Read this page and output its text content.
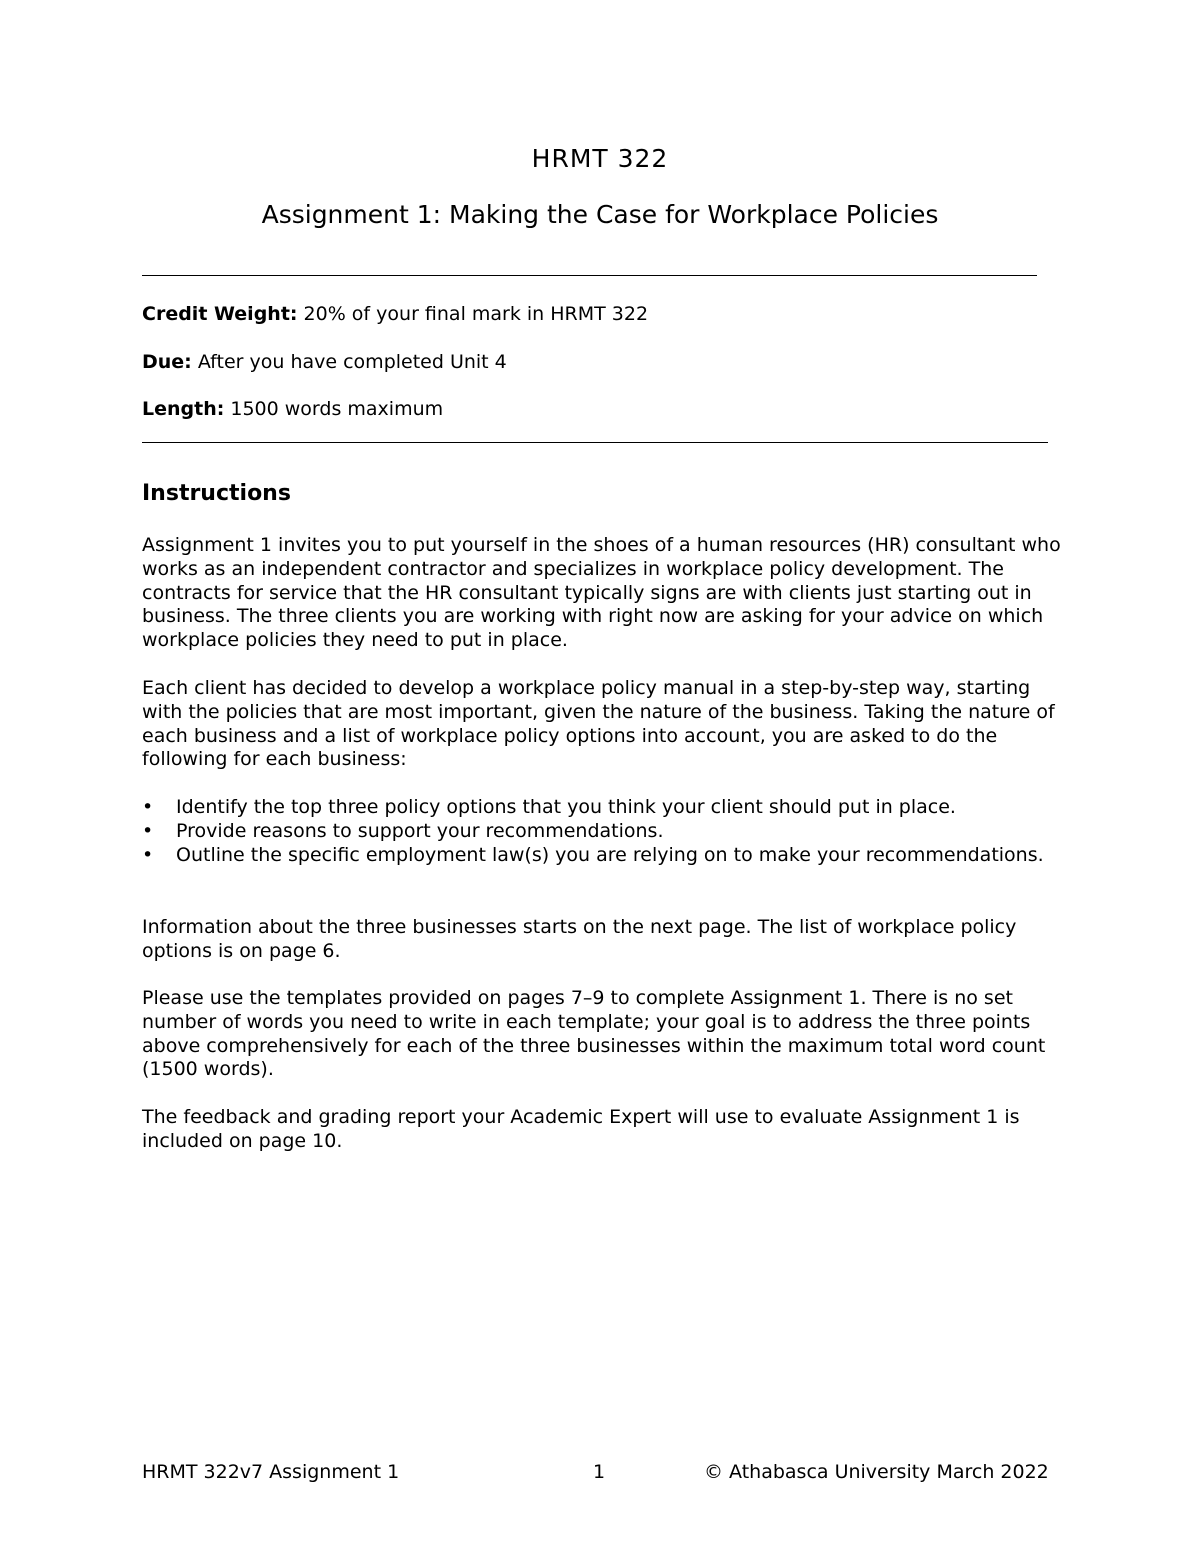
HRMT 322
Assignment 1: Making the Case for Workplace Policies
Credit Weight: 20% of your final mark in HRMT 322
Due: After you have completed Unit 4
Length: 1500 words maximum
Instructions
Assignment 1 invites you to put yourself in the shoes of a human resources (HR) consultant who works as an independent contractor and specializes in workplace policy development. The contracts for service that the HR consultant typically signs are with clients just starting out in business. The three clients you are working with right now are asking for your advice on which workplace policies they need to put in place.
Each client has decided to develop a workplace policy manual in a step-by-step way, starting with the policies that are most important, given the nature of the business. Taking the nature of each business and a list of workplace policy options into account, you are asked to do the following for each business:
• Identify the top three policy options that you think your client should put in place.
• Provide reasons to support your recommendations.
• Outline the specific employment law(s) you are relying on to make your recommendations.
Information about the three businesses starts on the next page. The list of workplace policy options is on page 6.
Please use the templates provided on pages 7–9 to complete Assignment 1. There is no set number of words you need to write in each template; your goal is to address the three points above comprehensively for each of the three businesses within the maximum total word count (1500 words).
The feedback and grading report your Academic Expert will use to evaluate Assignment 1 is included on page 10.
HRMT 322v7 Assignment 1	1	© Athabasca University March 2022
